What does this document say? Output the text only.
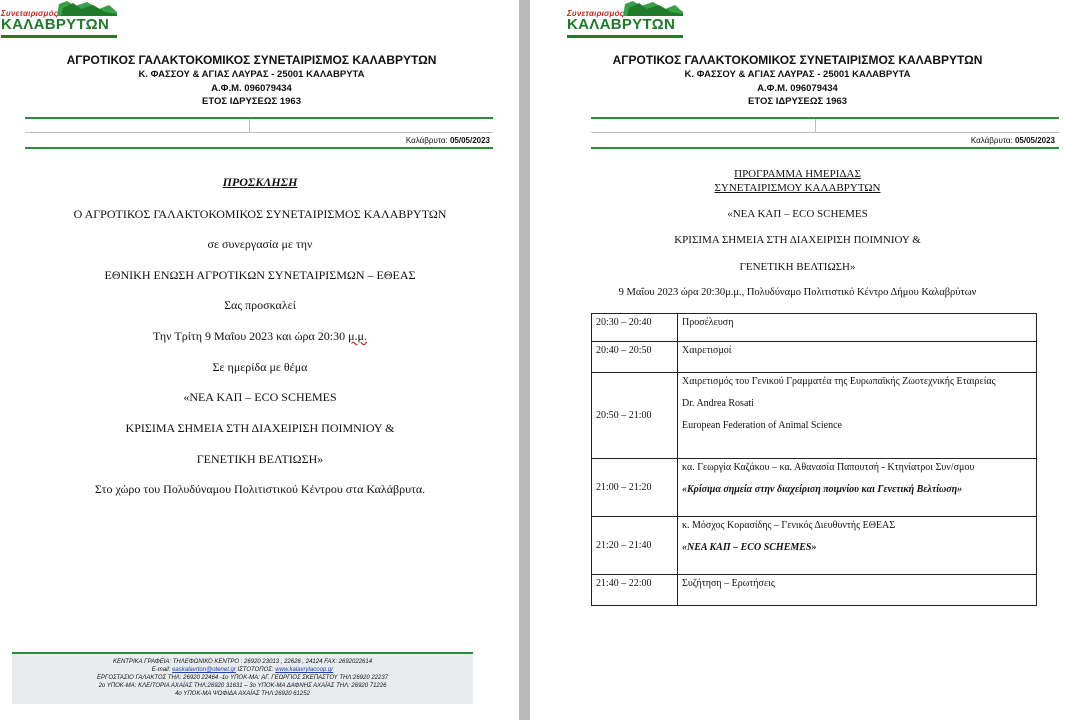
Συνεταιρισμός
ΚΑΛΑΒΡΥΤΩΝ
ΑΓΡΟΤΙΚΟΣ ΓΑΛΑΚΤΟΚΟΜΙΚΟΣ ΣΥΝΕΤΑΙΡΙΣΜΟΣ ΚΑΛΑΒΡΥΤΩΝ
Κ. ΦΑΣΣΟΥ & ΑΓΙΑΣ ΛΑΥΡΑΣ - 25001 ΚΑΛΑΒΡΥΤΑ
Α.Φ.Μ. 096079434
ΕΤΟΣ ΙΔΡΥΣΕΩΣ 1963
Καλάβρυτα: 05/05/2023

ΠΡΟΣΚΛΗΣΗ

Ο ΑΓΡΟΤΙΚΟΣ ΓΑΛΑΚΤΟΚΟΜΙΚΟΣ ΣΥΝΕΤΑΙΡΙΣΜΟΣ ΚΑΛΑΒΡΥΤΩΝ
σε συνεργασία με την
ΕΘΝΙΚΗ ΕΝΩΣΗ ΑΓΡΟΤΙΚΩΝ ΣΥΝΕΤΑΙΡΙΣΜΩΝ – ΕΘΕΑΣ
Σας προσκαλεί
Την Τρίτη 9 Μαΐου 2023 και ώρα 20:30 μ.μ.
Σε ημερίδα με θέμα
«ΝΕΑ ΚΑΠ – ECO SCHEMES
ΚΡΙΣΙΜΑ ΣΗΜΕΙΑ ΣΤΗ ΔΙΑΧΕΙΡΙΣΗ ΠΟΙΜΝΙΟΥ &
ΓΕΝΕΤΙΚΗ ΒΕΛΤΙΩΣΗ»
Στο χώρο του Πολυδύναμου Πολιτιστικού Κέντρου στα Καλάβρυτα.
ΚΕΝΤΡΙΚΑ ΓΡΑΦΕΙΑ: ΤΗΛΕΦΩΝΙΚΟ ΚΕΝΤΡΟ : 26920 23013 , 22626 , 24124 FAX: 2692022614
E-mail: easkalavrton@otenet.gr ΙΣΤΟΤΟΠΟΣ: www.kalavrylacoop.gr
ΕΡΓΟΣΤΑΣΙΟ ΓΑΛΑΚΤΟΣ ΤΗΛ: 26920 22464 -1ο ΥΠΟΚ-ΜΑ: ΑΓ. ΓΕΩΡΓΙΟΣ ΣΚΕΠΑΣΤΟΥ ΤΗΛ:26920 22237
2ο ΥΠΟΚ-ΜΑ: ΚΛΕΙΤΟΡΙΑ ΑΧΑΪΑΣ ΤΗΛ:26920 31631 – 3ο ΥΠΟΚ-ΜΑ ΔΑΦΝΗΣ ΑΧΑΪΑΣ ΤΗΛ: 26920 71226
4ο ΥΠΟΚ-ΜΑ ΨΩΦΙΔΑ ΑΧΑΪΑΣ ΤΗΛ:26920 61252
Συνεταιρισμός
ΚΑΛΑΒΡΥΤΩΝ
ΑΓΡΟΤΙΚΟΣ ΓΑΛΑΚΤΟΚΟΜΙΚΟΣ ΣΥΝΕΤΑΙΡΙΣΜΟΣ ΚΑΛΑΒΡΥΤΩΝ
Κ. ΦΑΣΣΟΥ & ΑΓΙΑΣ ΛΑΥΡΑΣ - 25001 ΚΑΛΑΒΡΥΤΑ
Α.Φ.Μ. 096079434
ΕΤΟΣ ΙΔΡΥΣΕΩΣ 1963
Καλάβρυτα: 05/05/2023
ΠΡΟΓΡΑΜΜΑ ΗΜΕΡΙΔΑΣ
ΣΥΝΕΤΑΙΡΙΣΜΟΥ ΚΑΛΑΒΡΥΤΩΝ
«ΝΕΑ ΚΑΠ – ECO SCHEMES
ΚΡΙΣΙΜΑ ΣΗΜΕΙΑ ΣΤΗ ΔΙΑΧΕΙΡΙΣΗ ΠΟΙΜΝΙΟΥ &
ΓΕΝΕΤΙΚΗ ΒΕΛΤΙΩΣΗ»
9 Μαΐου 2023 ώρα 20:30μ.μ., Πολυδύναμο Πολιτιστικό Κέντρο Δήμου Καλαβρύτων
20:30 – 20:40	Προσέλευση

20:40 – 20:50	Χαιρετισμοί

20:50 – 21:00	Χαιρετισμός του Γενικού Γραμματέα της Ευρωπαϊκής Ζωοτεχνικής Εταιρείας
Dr. Andrea Rosati
European Federation of Animal Science

21:00 – 21:20	κα. Γεωργία Καζάκου – κα. Αθανασία Παπουτσή - Κτηνίατροι Συν/σμου
«Κρίσιμα σημεία στην διαχείριση ποιμνίου και Γενετική Βελτίωση»

21:20 – 21:40	κ. Μόσχος Κορασίδης – Γενικός Διευθυντής ΕΘΕΑΣ
«ΝΕΑ ΚΑΠ – ECO SCHEMES»

21:40 – 22:00	Συζήτηση – Ερωτήσεις
